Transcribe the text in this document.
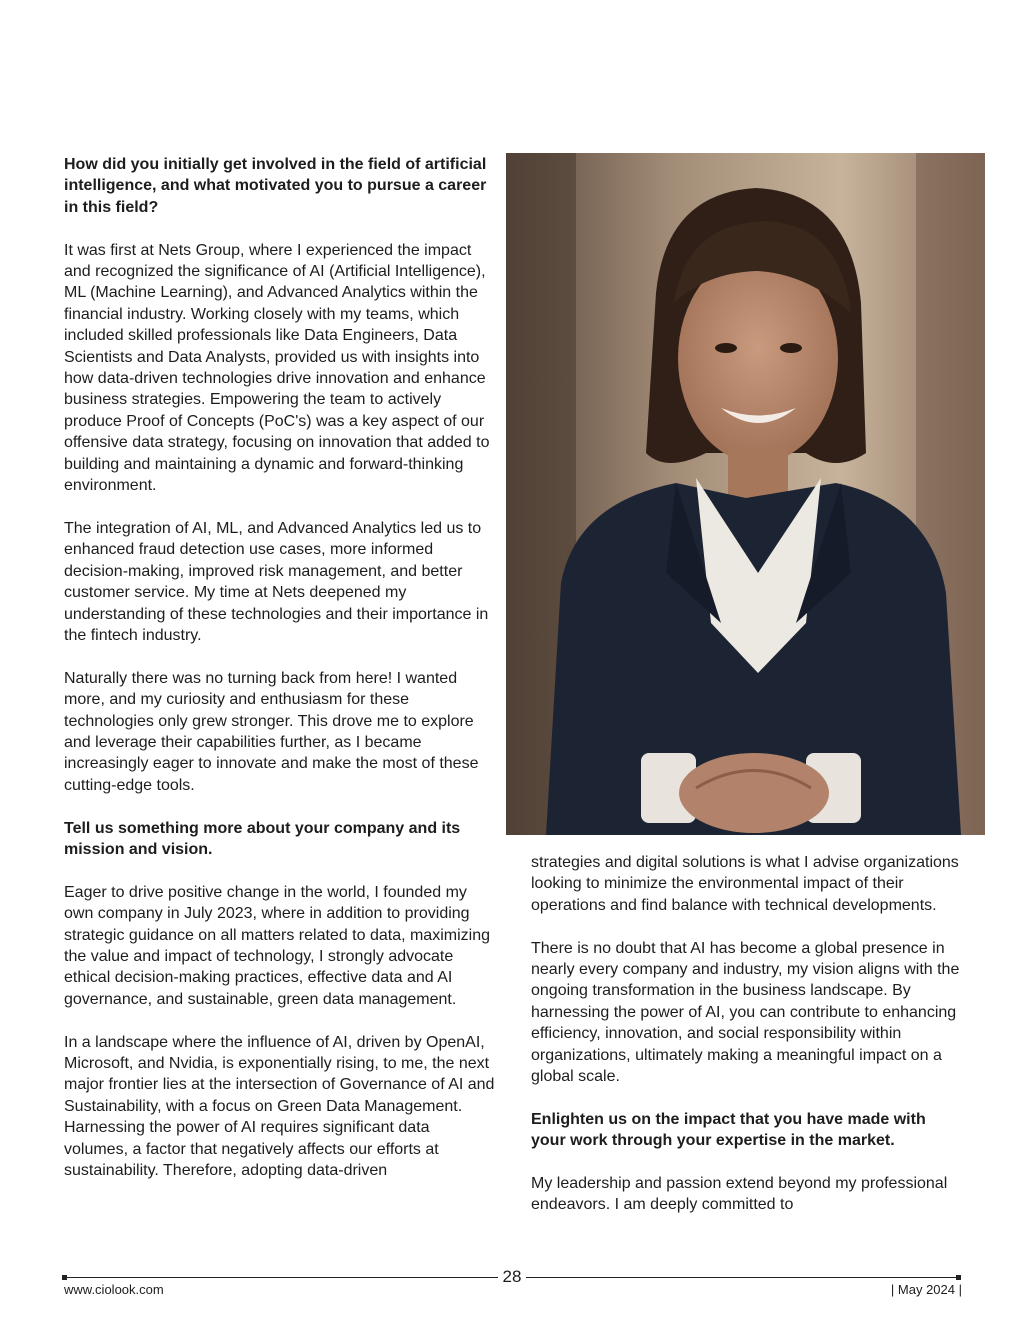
How did you initially get involved in the field of artificial intelligence, and what motivated you to pursue a career in this field?

It was first at Nets Group, where I experienced the impact and recognized the significance of AI (Artificial Intelligence), ML (Machine Learning), and Advanced Analytics within the financial industry. Working closely with my teams, which included skilled professionals like Data Engineers, Data Scientists and Data Analysts, provided us with insights into how data-driven technologies drive innovation and enhance business strategies. Empowering the team to actively produce Proof of Concepts (PoC's) was a key aspect of our offensive data strategy, focusing on innovation that added to building and maintaining a dynamic and forward-thinking environment.

The integration of AI, ML, and Advanced Analytics led us to enhanced fraud detection use cases, more informed decision-making, improved risk management, and better customer service. My time at Nets deepened my understanding of these technologies and their importance in the fintech industry.

Naturally there was no turning back from here! I wanted more, and my curiosity and enthusiasm for these technologies only grew stronger. This drove me to explore and leverage their capabilities further, as I became increasingly eager to innovate and make the most of these cutting-edge tools.

Tell us something more about your company and its mission and vision.

Eager to drive positive change in the world, I founded my own company in July 2023, where in addition to providing strategic guidance on all matters related to data, maximizing the value and impact of technology, I strongly advocate ethical decision-making practices, effective data and AI governance, and sustainable, green data management.

In a landscape where the influence of AI, driven by OpenAI, Microsoft, and Nvidia, is exponentially rising, to me, the next major frontier lies at the intersection of Governance of AI and Sustainability, with a focus on Green Data Management.

Harnessing the power of AI requires significant data volumes, a factor that negatively affects our efforts at sustainability. Therefore, adopting data-driven

strategies and digital solutions is what I advise organizations looking to minimize the environmental impact of their operations and find balance with technical developments.

There is no doubt that AI has become a global presence in nearly every company and industry, my vision aligns with the ongoing transformation in the business landscape. By harnessing the power of AI, you can contribute to enhancing efficiency, innovation, and social responsibility within organizations, ultimately making a meaningful impact on a global scale.

Enlighten us on the impact that you have made with your work through your expertise in the market.

My leadership and passion extend beyond my professional endeavors. I am deeply committed to

28
www.ciolook.com	| May 2024 |
